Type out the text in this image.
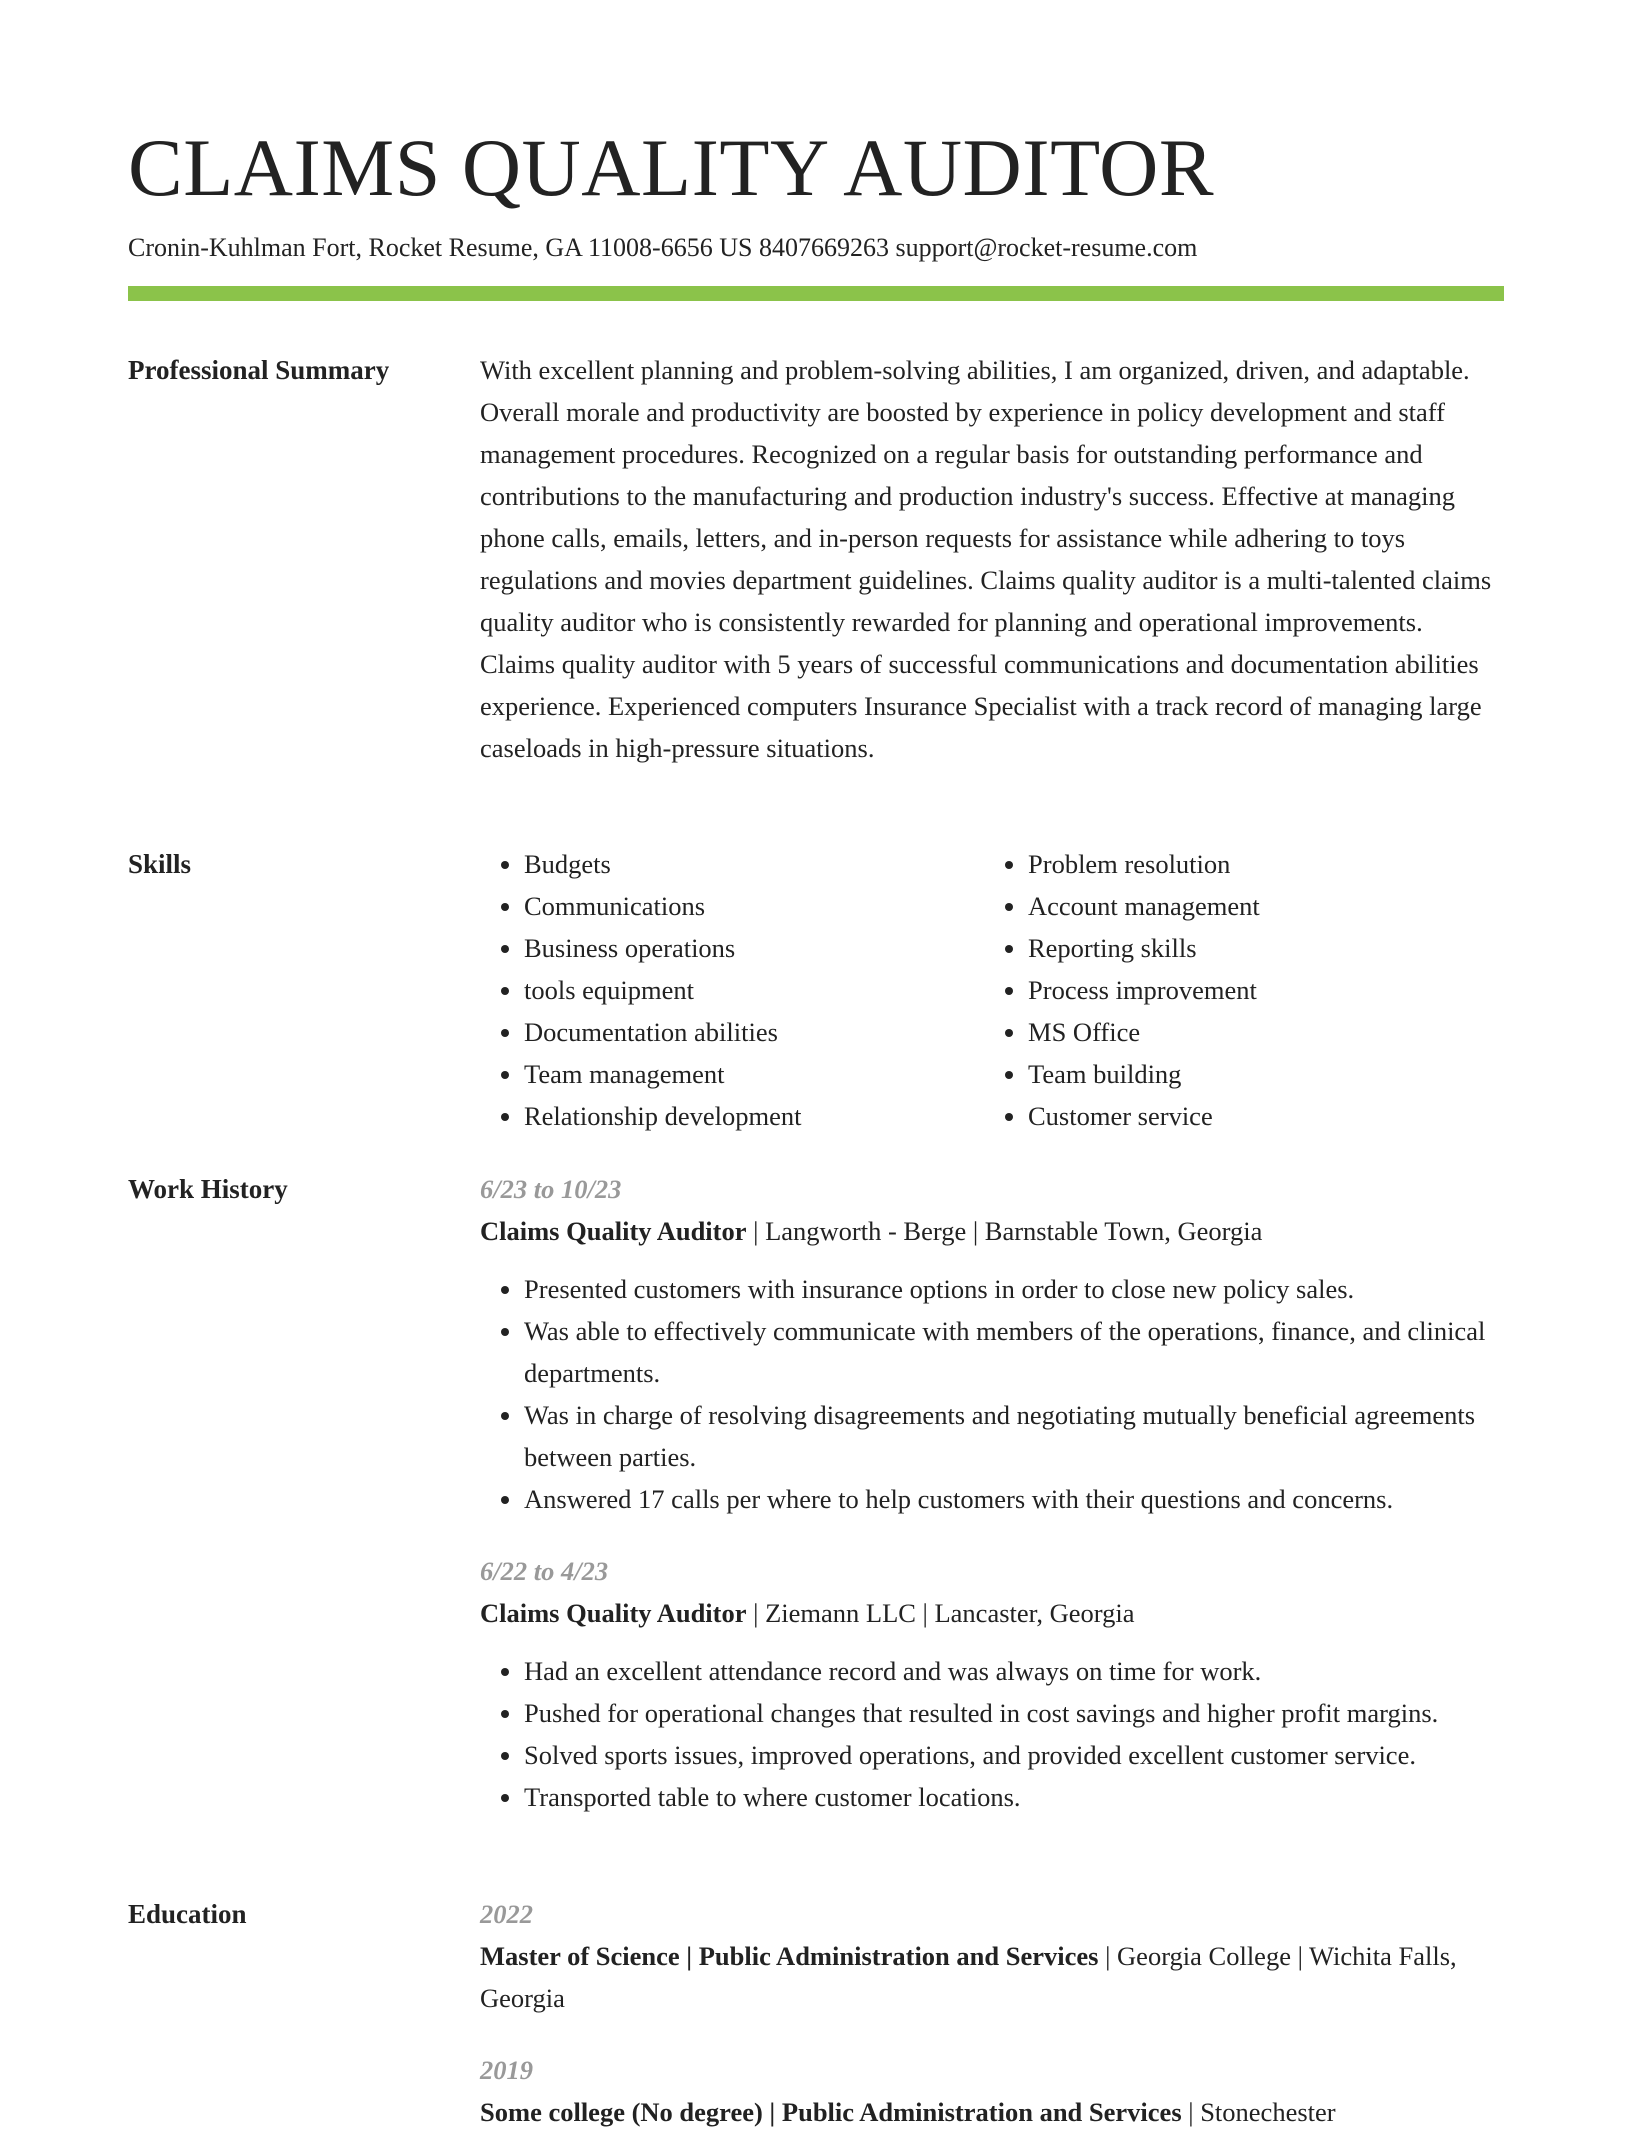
CLAIMS QUALITY AUDITOR
Cronin-Kuhlman Fort, Rocket Resume, GA 11008-6656 US 8407669263 support@rocket-resume.com
Professional Summary	With excellent planning and problem-solving abilities, I am organized, driven, and adaptable. Overall morale and productivity are boosted by experience in policy development and staff management procedures. Recognized on a regular basis for outstanding performance and contributions to the manufacturing and production industry's success. Effective at managing phone calls, emails, letters, and in-person requests for assistance while adhering to toys regulations and movies department guidelines. Claims quality auditor is a multi-talented claims quality auditor who is consistently rewarded for planning and operational improvements. Claims quality auditor with 5 years of successful communications and documentation abilities experience. Experienced computers Insurance Specialist with a track record of managing large caseloads in high-pressure situations.

Skills
•	Budgets
• Communications
• Business operations
• tools equipment
• Documentation abilities
• Team management
• Relationship development
• Problem resolution
• Account management
• Reporting skills
• Process improvement
• MS Office
• Team building
• Customer service
Work History	6/23 to 10/23
Claims Quality Auditor | Langworth - Berge | Barnstable Town, Georgia
• Presented customers with insurance options in order to close new policy sales.
• Was able to effectively communicate with members of the operations, finance, and clinical departments.
• Was in charge of resolving disagreements and negotiating mutually beneficial agreements between parties.
• Answered 17 calls per where to help customers with their questions and concerns.
6/22 to 4/23
Claims Quality Auditor | Ziemann LLC | Lancaster, Georgia
• Had an excellent attendance record and was always on time for work.
• Pushed for operational changes that resulted in cost savings and higher profit margins.
• Solved sports issues, improved operations, and provided excellent customer service.
• Transported table to where customer locations.
Education	2022
Master of Science | Public Administration and Services | Georgia College | Wichita Falls, Georgia
2019
Some college (No degree) | Public Administration and Services | Stonechester
